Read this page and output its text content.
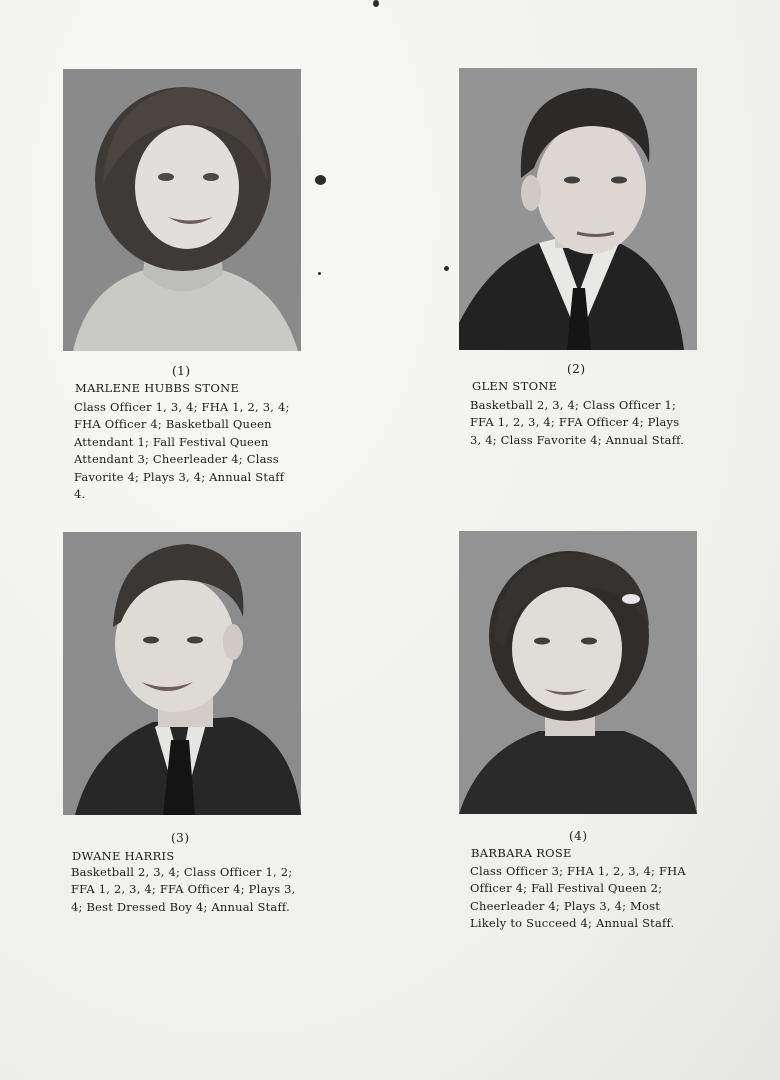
(1)
MARLENE HUBBS STONE
Class Officer 1, 3, 4; FHA 1, 2, 3, 4; FHA Officer 4; Basketball Queen Attendant 1; Fall Festival Queen Attendant 3; Cheerleader 4; Class Favorite 4; Plays 3, 4; Annual Staff 4.
(2)
GLEN STONE
Basketball 2, 3, 4; Class Officer 1; FFA 1, 2, 3, 4; FFA Officer 4; Plays 3, 4; Class Favorite 4; Annual Staff.
(3)
DWANE HARRIS
Basketball 2, 3, 4; Class Officer 1, 2; FFA 1, 2, 3, 4; FFA Officer 4; Plays 3, 4; Best Dressed Boy 4; Annual Staff.
(4)
BARBARA ROSE
Class Officer 3; FHA 1, 2, 3, 4; FHA Officer 4; Fall Festival Queen 2; Cheerleader 4; Plays 3, 4; Most Likely to Succeed 4; Annual Staff.
